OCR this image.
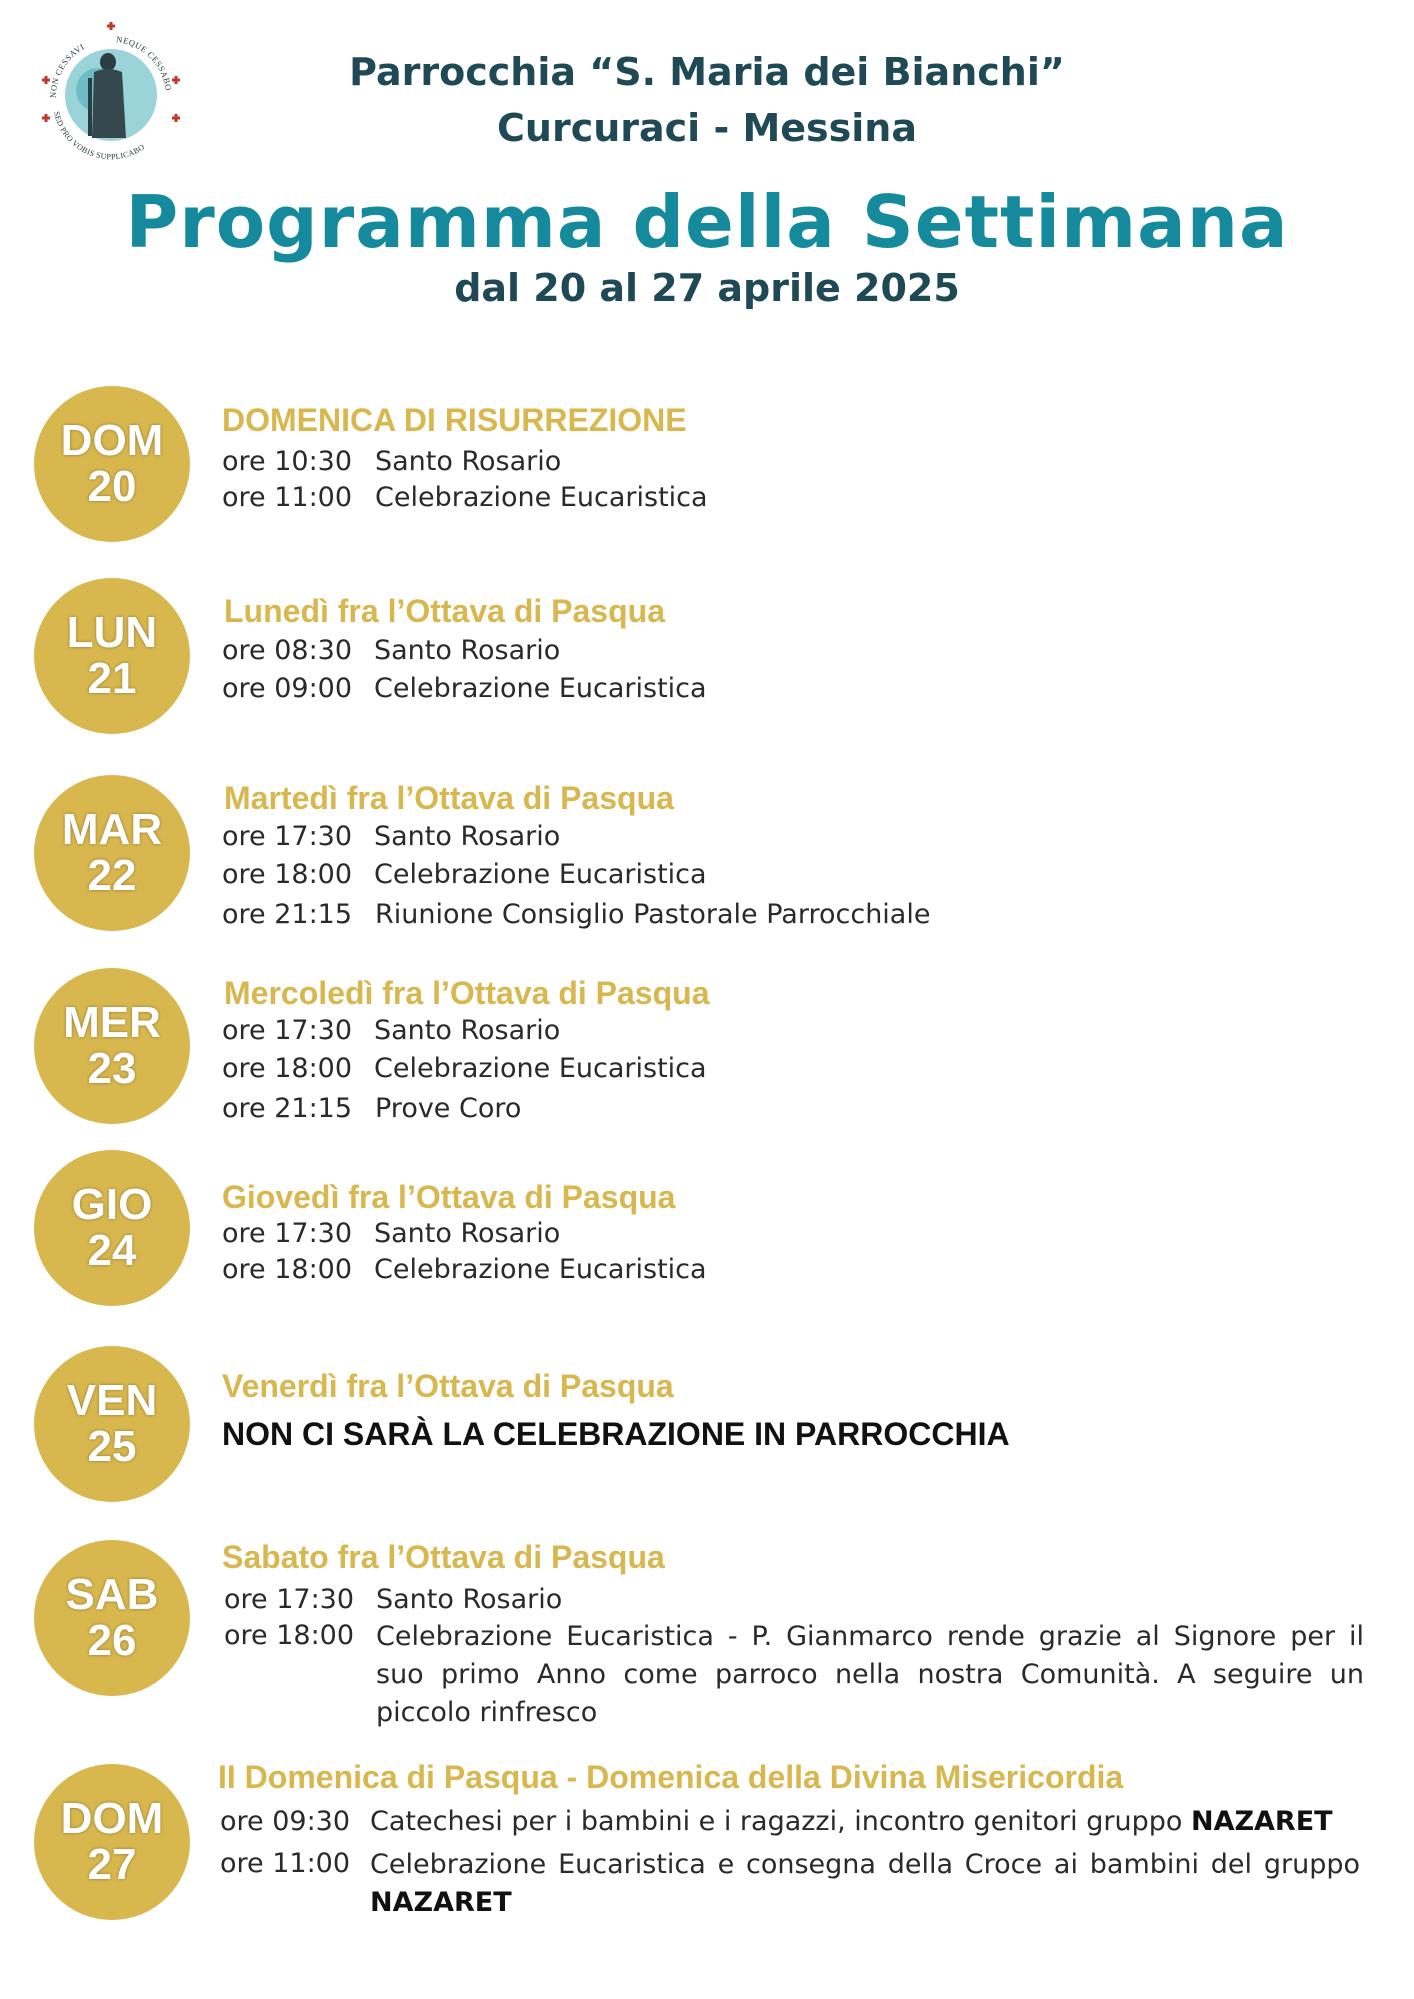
NON CESSAVI
NEQUE CESSABO
SED PRO VOBIS SUPPLICABO
Parrocchia “S. Maria dei Bianchi”
Curcuraci - Messina
Programma della Settimana
dal 20 al 27 aprile 2025
DOM
20
DOMENICA DI RISURREZIONE
ore 10:30 Santo Rosario
ore 11:00 Celebrazione Eucaristica
LUN
21
Lunedì fra l’Ottava di Pasqua
ore 08:30 Santo Rosario
ore 09:00 Celebrazione Eucaristica
MAR
22
Martedì fra l’Ottava di Pasqua
ore 17:30 Santo Rosario
ore 18:00 Celebrazione Eucaristica
ore 21:15 Riunione Consiglio Pastorale Parrocchiale
MER
23
Mercoledì fra l’Ottava di Pasqua
ore 17:30 Santo Rosario
ore 18:00 Celebrazione Eucaristica
ore 21:15 Prove Coro
GIO
24
Giovedì fra l’Ottava di Pasqua
ore 17:30 Santo Rosario
ore 18:00 Celebrazione Eucaristica
VEN
25
Venerdì fra l’Ottava di Pasqua
NON CI SARÀ LA CELEBRAZIONE IN PARROCCHIA
SAB
26
Sabato fra l’Ottava di Pasqua
ore 17:30 Santo Rosario
ore 18:00 Celebrazione Eucaristica - P. Gianmarco rende grazie al Signore per il suo primo Anno come parroco nella nostra Comunità. A seguire un piccolo rinfresco
DOM
27
II Domenica di Pasqua - Domenica della Divina Misericordia
ore 09:30 Catechesi per i bambini e i ragazzi, incontro genitori gruppo NAZARET
ore 11:00 Celebrazione Eucaristica e consegna della Croce ai bambini del gruppo NAZARET
